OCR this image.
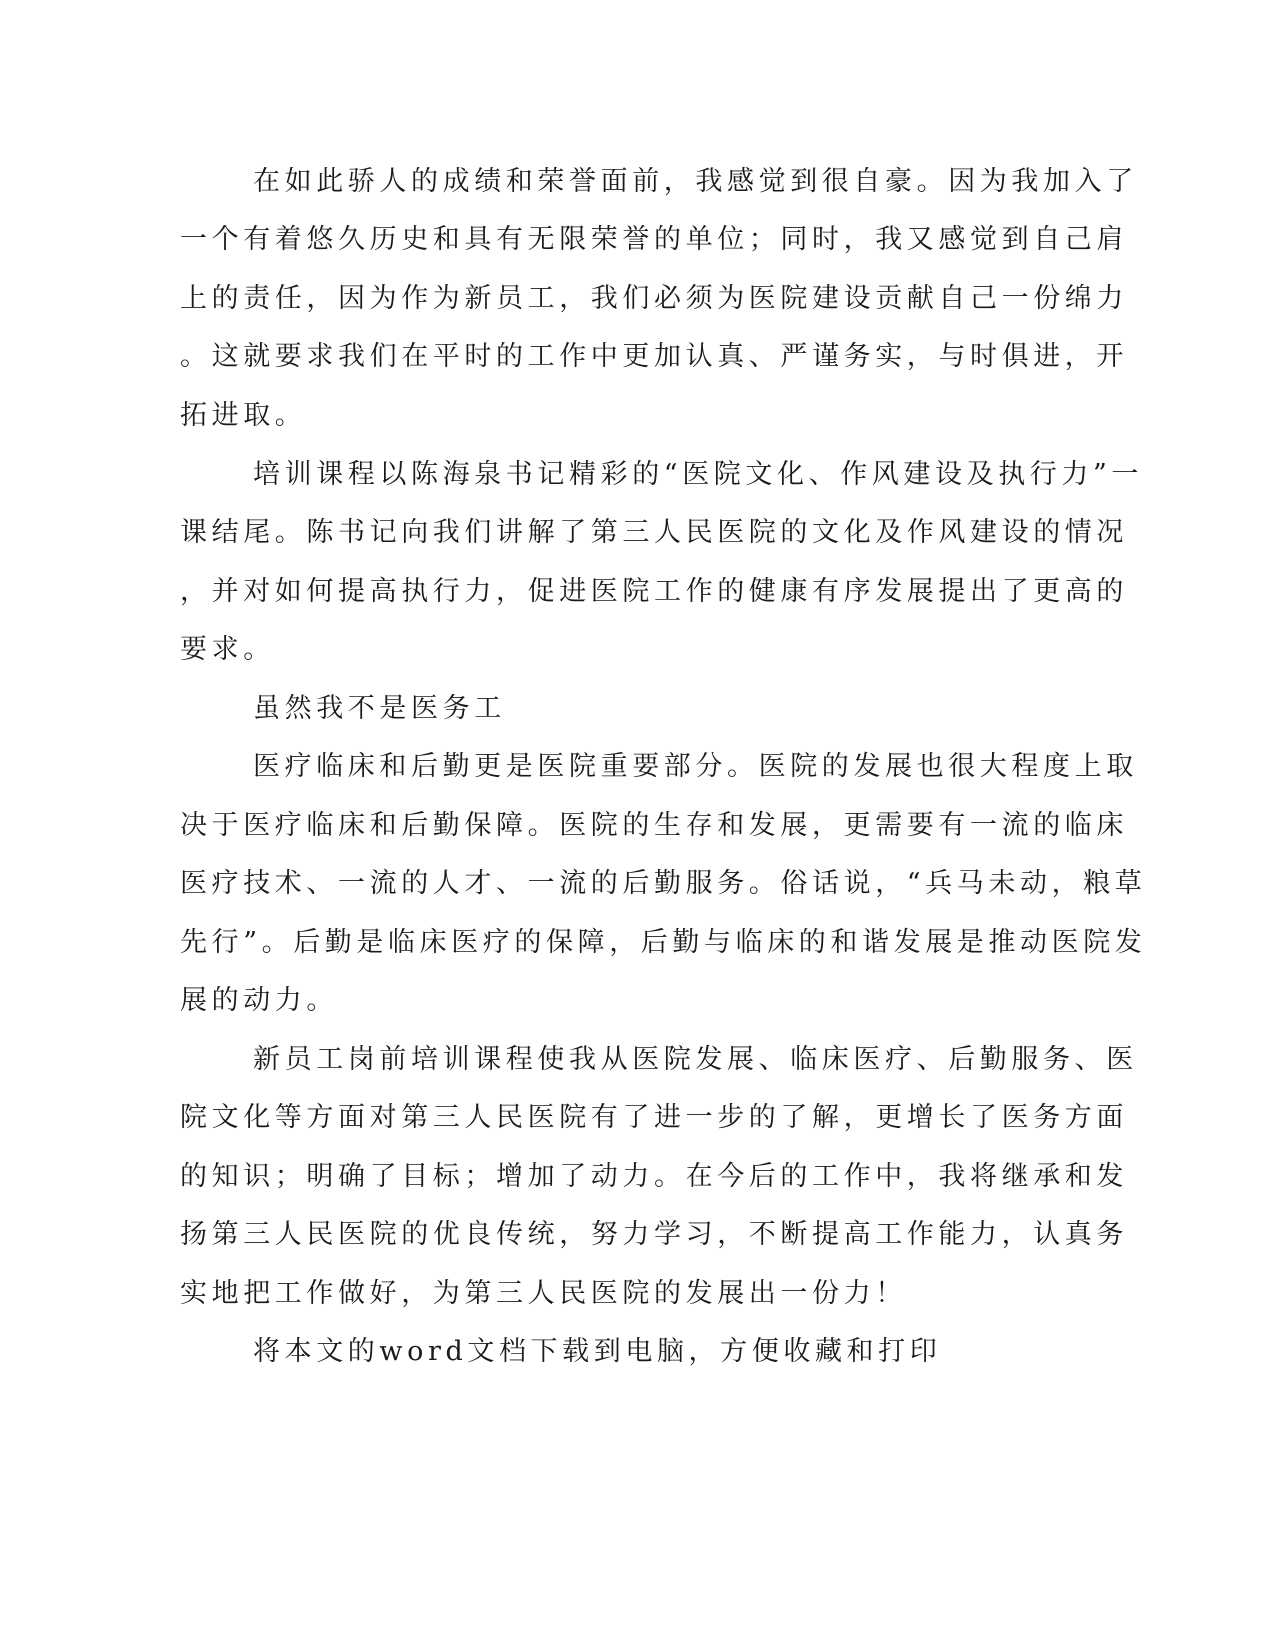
在如此骄人的成绩和荣誉面前，我感觉到很自豪。因为我加入了
一个有着悠久历史和具有无限荣誉的单位；同时，我又感觉到自己肩
上的责任，因为作为新员工，我们必须为医院建设贡献自己一份绵力
。这就要求我们在平时的工作中更加认真、严谨务实，与时俱进，开
拓进取。
培训课程以陈海泉书记精彩的“医院文化、作风建设及执行力”一
课结尾。陈书记向我们讲解了第三人民医院的文化及作风建设的情况
，并对如何提高执行力，促进医院工作的健康有序发展提出了更高的
要求。
虽然我不是医务工
医疗临床和后勤更是医院重要部分。医院的发展也很大程度上取
决于医疗临床和后勤保障。医院的生存和发展，更需要有一流的临床
医疗技术、一流的人才、一流的后勤服务。俗话说，“兵马未动，粮草
先行”。后勤是临床医疗的保障，后勤与临床的和谐发展是推动医院发
展的动力。
新员工岗前培训课程使我从医院发展、临床医疗、后勤服务、医
院文化等方面对第三人民医院有了进一步的了解，更增长了医务方面
的知识；明确了目标；增加了动力。在今后的工作中，我将继承和发
扬第三人民医院的优良传统，努力学习，不断提高工作能力，认真务
实地把工作做好，为第三人民医院的发展出一份力！
将本文的word文档下载到电脑，方便收藏和打印
